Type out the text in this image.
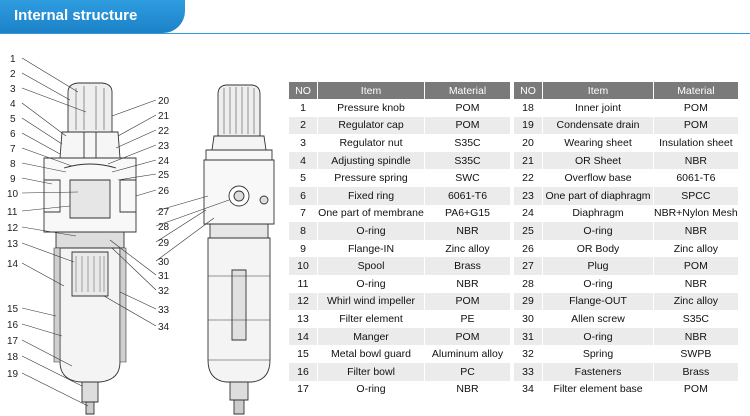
Internal structure
1
2
3
4
5
6
7
8
9
10
11
12
13
14
15
16
17
18
19
20
21
22
23
24
25
26
27
28
29
30
31
32
33
34
NO	Item	Material
1	Pressure knob	POM
2	Regulator cap	POM
3	Regulator nut	S35C
4	Adjusting spindle	S35C
5	Pressure spring	SWC
6	Fixed ring	6061-T6
7	One part of membrane	PA6+G15
8	O-ring	NBR
9	Flange-IN	Zinc alloy
10	Spool	Brass
11	O-ring	NBR
12	Whirl wind impeller	POM
13	Filter element	PE
14	Manger	POM
15	Metal bowl guard	Aluminum alloy
16	Filter bowl	PC
17	O-ring	NBR
NO	Item	Material
18	Inner joint	POM
19	Condensate drain	POM
20	Wearing sheet	Insulation sheet
21	OR Sheet	NBR
22	Overflow base	6061-T6
23	One part of diaphragm	SPCC
24	Diaphragm	NBR+Nylon Mesh
25	O-ring	NBR
26	OR Body	Zinc alloy
27	Plug	POM
28	O-ring	NBR
29	Flange-OUT	Zinc alloy
30	Allen screw	S35C
31	O-ring	NBR
32	Spring	SWPB
33	Fasteners	Brass
34	Filter element base	POM
